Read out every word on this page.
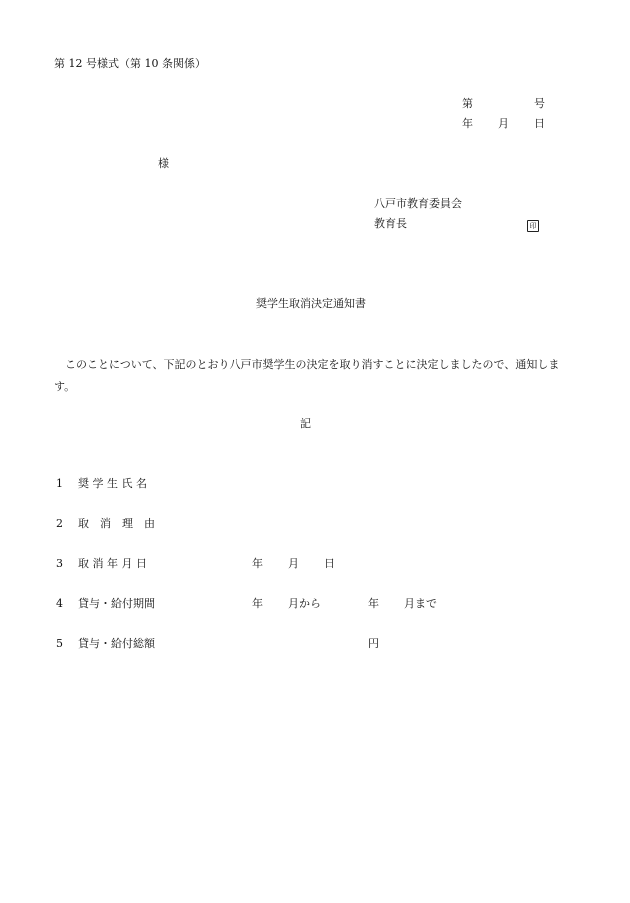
第 12 号様式（第 10 条関係）
第	号
年 月 日
様
八戸市教育委員会
教育長	印
奨学生取消決定通知書
このことについて、下記のとおり八戸市奨学生の決定を取り消すことに決定しましたので、通知します。
記
1 奨 学 生 氏 名
2 取　消　理　由
3 取 消 年 月 日	年 月 日
4 貸与・給付期間	年 月から	年 月まで
5 貸与・給付総額	円
